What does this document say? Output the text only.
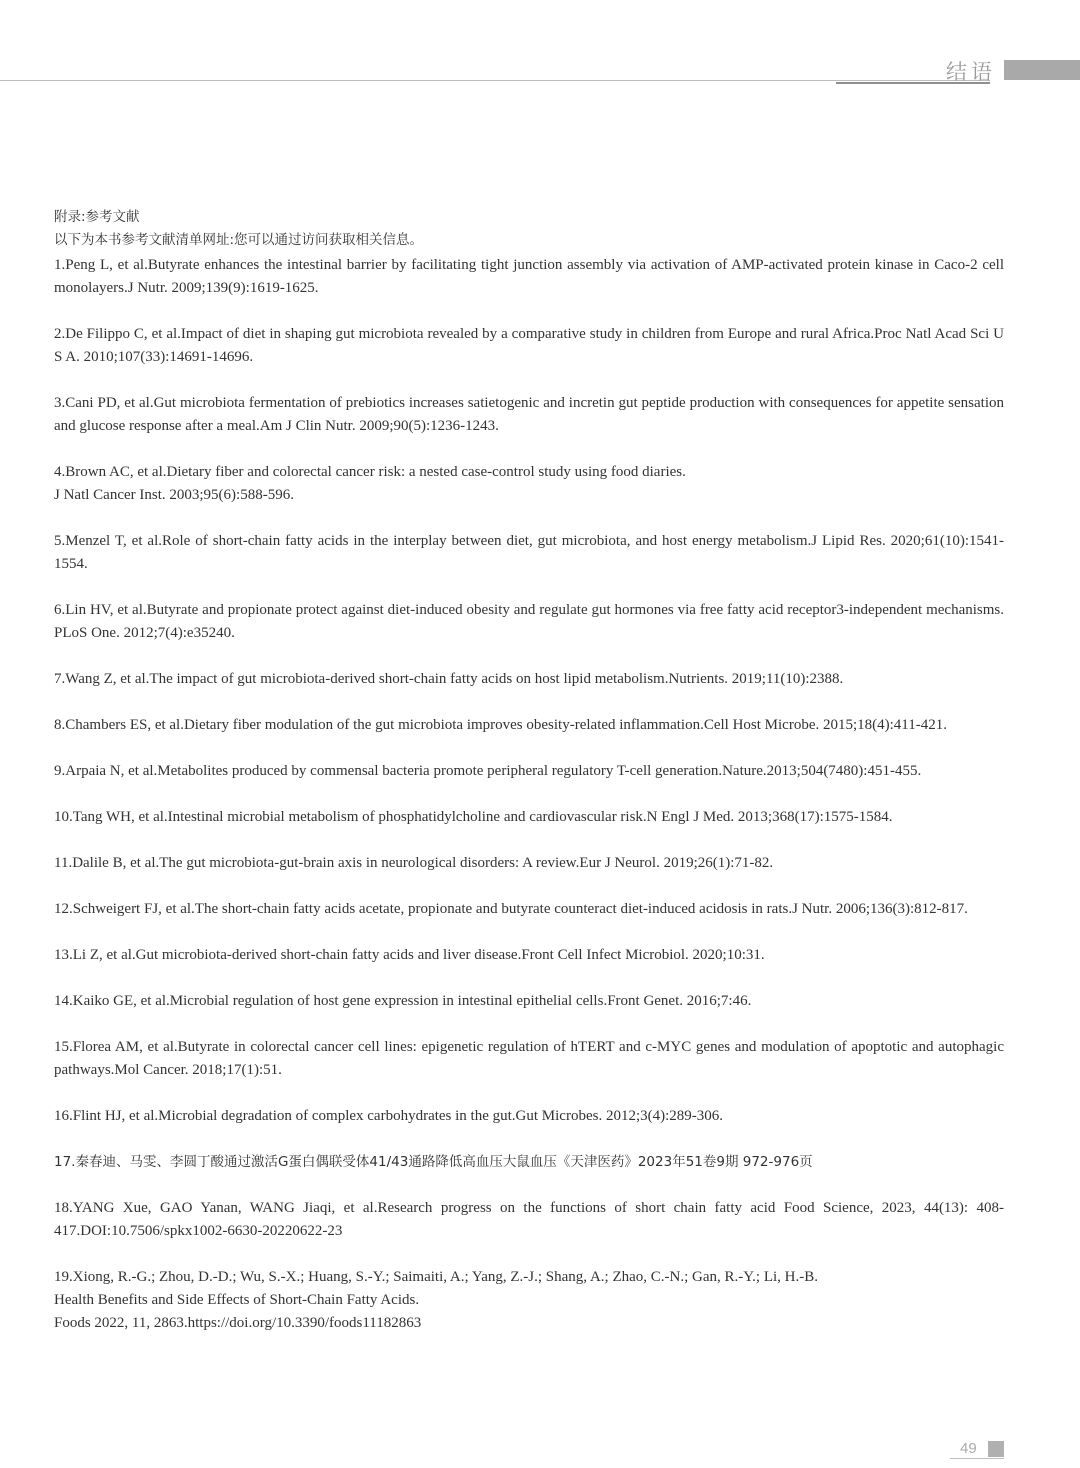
结语

附录:参考文献

以下为本书参考文献清单网址:您可以通过访问获取相关信息。

1.Peng L, et al.Butyrate enhances the intestinal barrier by facilitating tight junction assembly via activation of AMP-activated protein kinase in Caco-2 cell monolayers.J Nutr. 2009;139(9):1619-1625.

2.De Filippo C, et al.Impact of diet in shaping gut microbiota revealed by a comparative study in children from Europe and rural Africa.Proc Natl Acad Sci U S A. 2010;107(33):14691-14696.

3.Cani PD, et al.Gut microbiota fermentation of prebiotics increases satietogenic and incretin gut peptide production with consequences for appetite sensation and glucose response after a meal.Am J Clin Nutr. 2009;90(5):1236-1243.

4.Brown AC, et al.Dietary fiber and colorectal cancer risk: a nested case-control study using food diaries.
J Natl Cancer Inst. 2003;95(6):588-596.

5.Menzel T, et al.Role of short-chain fatty acids in the interplay between diet, gut microbiota, and host energy metabolism.J Lipid Res. 2020;61(10):1541-1554.

6.Lin HV, et al.Butyrate and propionate protect against diet-induced obesity and regulate gut hormones via free fatty acid receptor3-independent mechanisms. PLoS One. 2012;7(4):e35240.

7.Wang Z, et al.The impact of gut microbiota-derived short-chain fatty acids on host lipid metabolism.Nutrients. 2019;11(10):2388.

8.Chambers ES, et al.Dietary fiber modulation of the gut microbiota improves obesity-related inflammation.Cell Host Microbe. 2015;18(4):411-421.

9.Arpaia N, et al.Metabolites produced by commensal bacteria promote peripheral regulatory T-cell generation.Nature.2013;504(7480):451-455.

10.Tang WH, et al.Intestinal microbial metabolism of phosphatidylcholine and cardiovascular risk.N Engl J Med. 2013;368(17):1575-1584.

11.Dalile B, et al.The gut microbiota-gut-brain axis in neurological disorders: A review.Eur J Neurol. 2019;26(1):71-82.

12.Schweigert FJ, et al.The short-chain fatty acids acetate, propionate and butyrate counteract diet-induced acidosis in rats.J Nutr. 2006;136(3):812-817.

13.Li Z, et al.Gut microbiota-derived short-chain fatty acids and liver disease.Front Cell Infect Microbiol. 2020;10:31.

14.Kaiko GE, et al.Microbial regulation of host gene expression in intestinal epithelial cells.Front Genet. 2016;7:46.

15.Florea AM, et al.Butyrate in colorectal cancer cell lines: epigenetic regulation of hTERT and c-MYC genes and modulation of apoptotic and autophagic pathways.Mol Cancer. 2018;17(1):51.

16.Flint HJ, et al.Microbial degradation of complex carbohydrates in the gut.Gut Microbes. 2012;3(4):289-306.

17.秦春迪、马雯、李圆丁酸通过激活G蛋白偶联受体41/43通路降低高血压大鼠血压《天津医药》2023年51卷9期 972-976页

18.YANG Xue, GAO Yanan, WANG Jiaqi, et al.Research progress on the functions of short chain fatty acid Food Science, 2023, 44(13): 408-417.DOI:10.7506/spkx1002-6630-20220622-23

19.Xiong, R.-G.; Zhou, D.-D.; Wu, S.-X.; Huang, S.-Y.; Saimaiti, A.; Yang, Z.-J.; Shang, A.; Zhao, C.-N.; Gan, R.-Y.; Li, H.-B.
Health Benefits and Side Effects of Short-Chain Fatty Acids.
Foods 2022, 11, 2863.https://doi.org/10.3390/foods11182863

49
